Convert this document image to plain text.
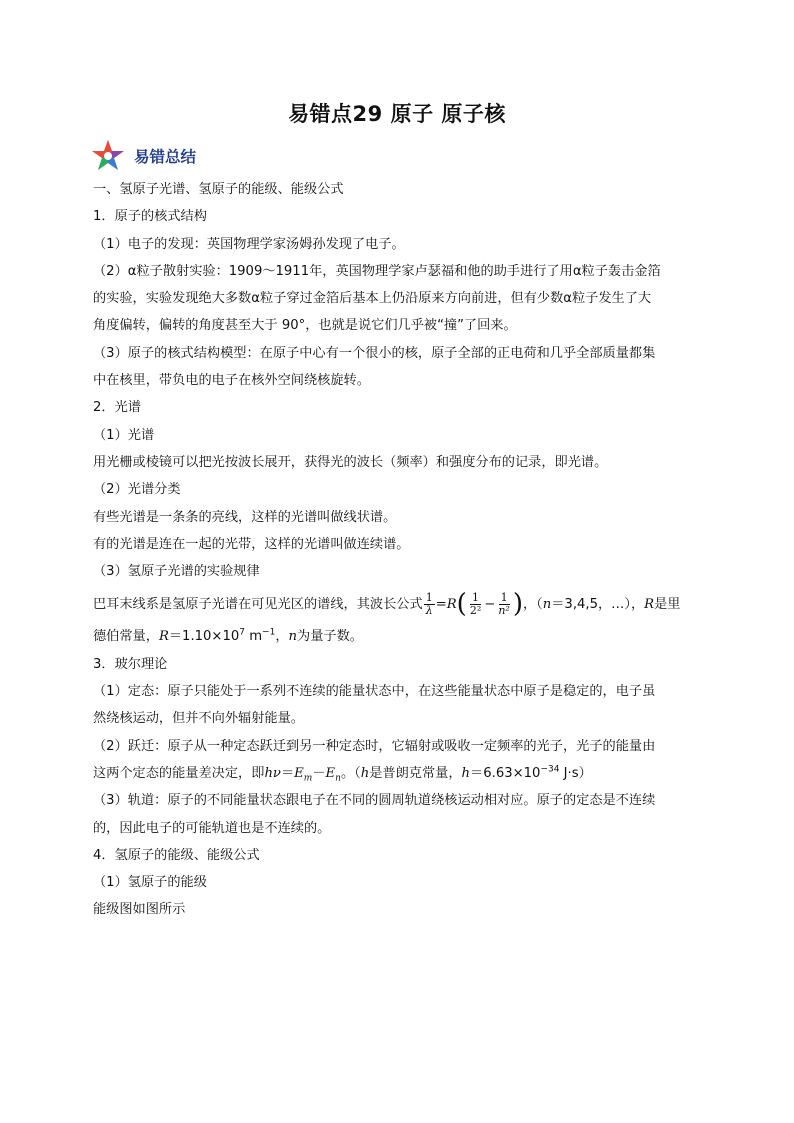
易错点29 原子 原子核
易错总结

一、氢原子光谱、氢原子的能级、能级公式

1．原子的核式结构

（1）电子的发现：英国物理学家汤姆孙发现了电子。

（2）α粒子散射实验：1909～1911年，英国物理学家卢瑟福和他的助手进行了用α粒子轰击金箔

的实验，实验发现绝大多数α粒子穿过金箔后基本上仍沿原来方向前进，但有少数α粒子发生了大

角度偏转，偏转的角度甚至大于 90°，也就是说它们几乎被“撞”了回来。

（3）原子的核式结构模型：在原子中心有一个很小的核，原子全部的正电荷和几乎全部质量都集

中在核里，带负电的电子在核外空间绕核旋转。

2．光谱

（1）光谱

用光栅或棱镜可以把光按波长展开，获得光的波长（频率）和强度分布的记录，即光谱。

（2）光谱分类

有些光谱是一条条的亮线，这样的光谱叫做线状谱。

有的光谱是连在一起的光带，这样的光谱叫做连续谱。

（3）氢原子光谱的实验规律

巴耳末线系是氢原子光谱在可见光区的谱线，其波长公式 $\frac{1}{\lambda} =R$ ( $\frac{1}{\text{2²}} - \frac{1}{\text{n²}}$ ) ，（ n ＝3,4,5，…）， R 是里

德伯常量，$R=1.10\times 10^7$ $m^{-1}$，n为量子数。

3．玻尔理论

（1）定态：原子只能处于一系列不连续的能量状态中，在这些能量状态中原子是稳定的，电子虽

然绕核运动，但并不向外辐射能量。

（2）跃迁：原子从一种定态跃迁到另一种定态时，它辐射或吸收一定频率的光子，光子的能量由

这两个定态的能量差决定，即$h\nu=E_m-E_n$。（h是普朗克常量，$h=6.63\times 10^{-34}$ J·s）

（3）轨道：原子的不同能量状态跟电子在不同的圆周轨道绕核运动相对应。原子的定态是不连续

的，因此电子的可能轨道也是不连续的。

4．氢原子的能级、能级公式

（1）氢原子的能级

能级图如图所示
